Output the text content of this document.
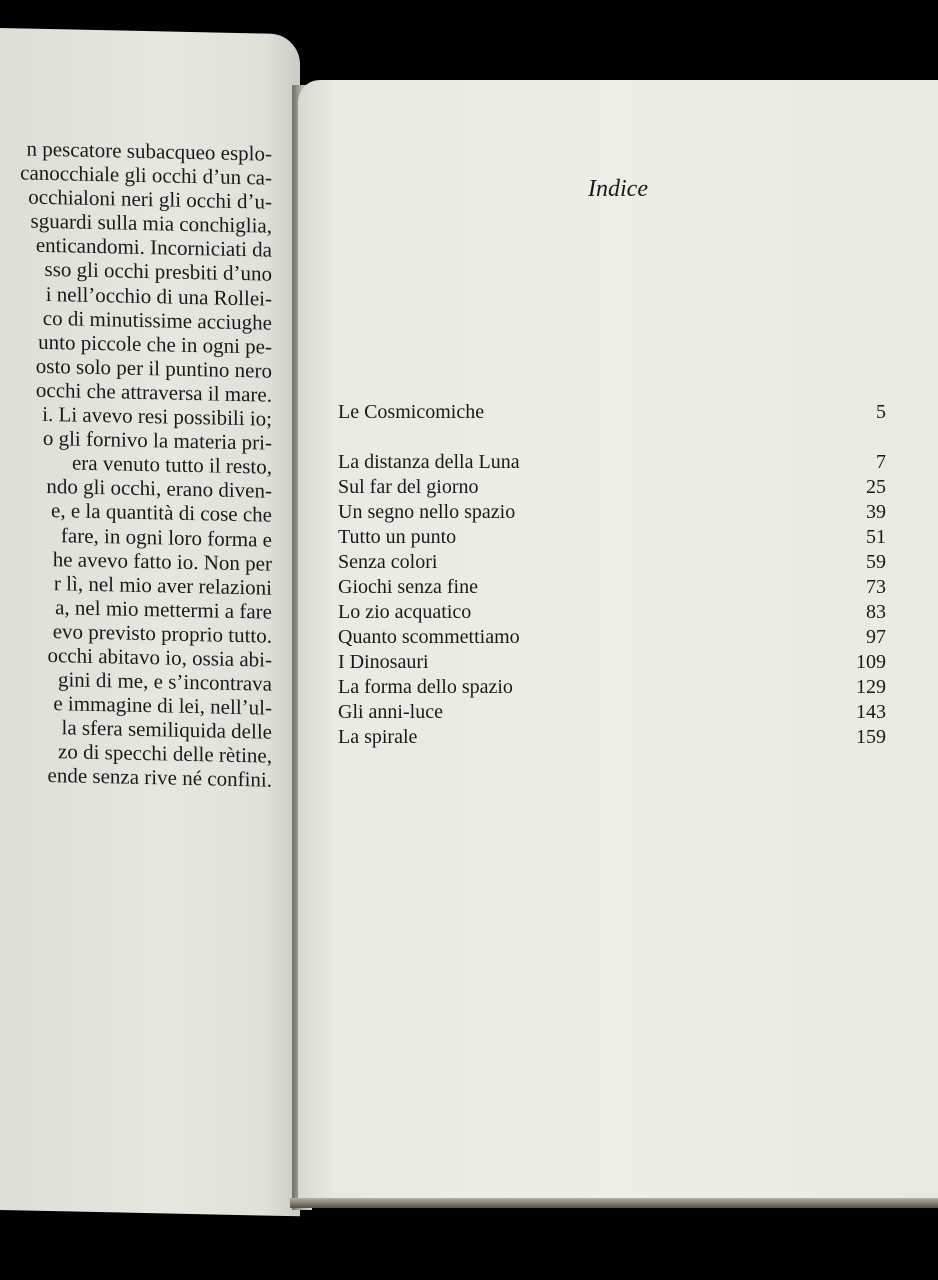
n pescatore subacqueo esplo-
canocchiale gli occhi d’un ca-
occhialoni neri gli occhi d’u-
sguardi sulla mia conchiglia,
enticandomi. Incorniciati da
sso gli occhi presbiti d’uno
i nell’occhio di una Rollei-
co di minutissime acciughe
unto piccole che in ogni pe-
osto solo per il puntino nero
occhi che attraversa il mare.
i. Li avevo resi possibili io;
o gli fornivo la materia pri-
era venuto tutto il resto,
ndo gli occhi, erano diven-
e, e la quantità di cose che
fare, in ogni loro forma e
he avevo fatto io. Non per
r lì, nel mio aver relazioni
a, nel mio mettermi a fare
evo previsto proprio tutto.
occhi abitavo io, ossia abi-
gini di me, e s’incontrava
e immagine di lei, nell’ul-
la sfera semiliquida delle
zo di specchi delle rètine,
ende senza rive né confini.
Indice
Le Cosmicomiche	5
La distanza della Luna	7
Sul far del giorno	25
Un segno nello spazio	39
Tutto un punto	51
Senza colori	59
Giochi senza fine	73
Lo zio acquatico	83
Quanto scommettiamo	97
I Dinosauri	109
La forma dello spazio	129
Gli anni-luce	143
La spirale	159
